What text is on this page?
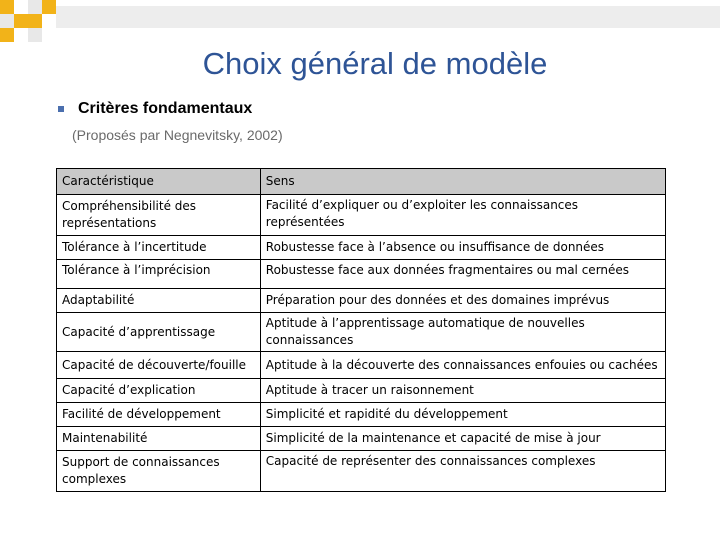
Choix général de modèle
Critères fondamentaux
(Proposés par Negnevitsky, 2002)
Caractéristique	Sens
Compréhensibilité des représentations	Facilité d’expliquer ou d’exploiter les connaissances représentées
Tolérance à l’incertitude	Robustesse face à l’absence ou insuffisance de données
Tolérance à l’imprécision	Robustesse face aux données fragmentaires ou mal cernées
Adaptabilité	Préparation pour des données et des domaines imprévus
Capacité d’apprentissage	Aptitude à l’apprentissage automatique de nouvelles connaissances
Capacité de découverte/fouille	Aptitude à la découverte des connaissances enfouies ou cachées
Capacité d’explication	Aptitude à tracer un raisonnement
Facilité de développement	Simplicité et rapidité du développement
Maintenabilité	Simplicité de la maintenance et capacité de mise à jour
Support de connaissances complexes	Capacité de représenter des connaissances complexes
